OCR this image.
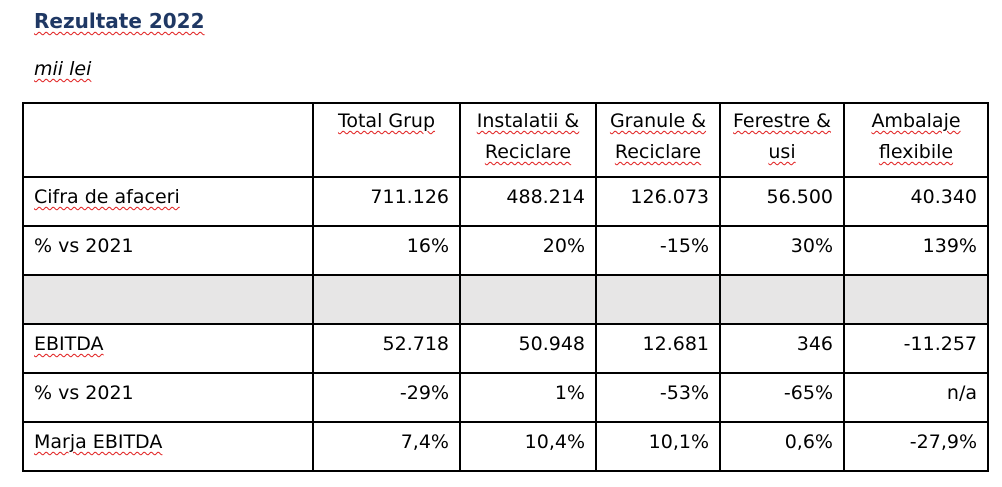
Rezultate 2022
mii lei
	Total Grup	Instalatii & Reciclare	Granule & Reciclare	Ferestre & usi	Ambalaje flexibile
Cifra de afaceri	711.126	488.214	126.073	56.500	40.340
% vs 2021	16%	20%	-15%	30%	139%

EBITDA	52.718	50.948	12.681	346	-11.257
% vs 2021	-29%	1%	-53%	-65%	n/a
Marja EBITDA	7,4%	10,4%	10,1%	0,6%	-27,9%
